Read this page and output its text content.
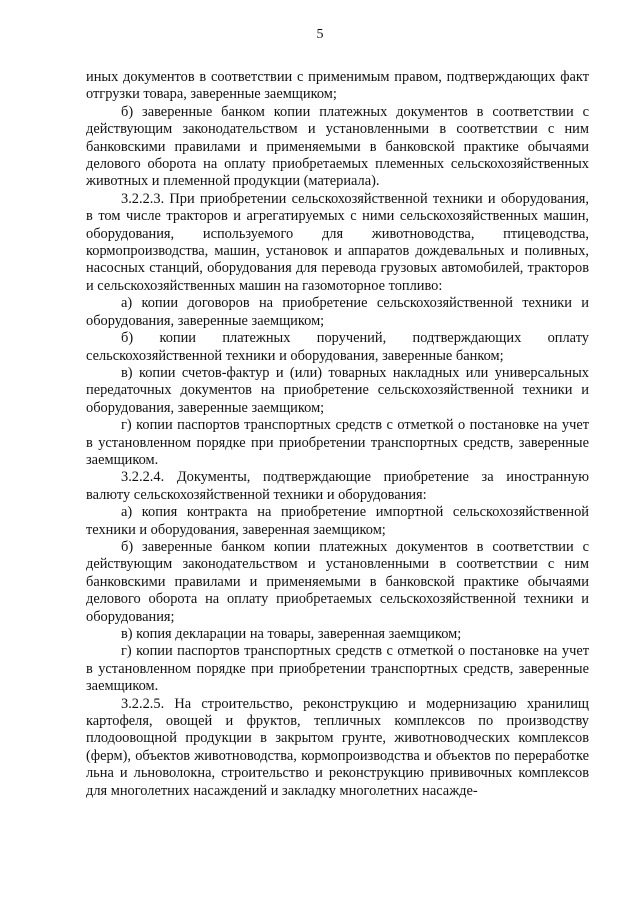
5

иных документов в соответствии с применимым правом, подтверждающих факт отгрузки товара, заверенные заемщиком;

б) заверенные банком копии платежных документов в соответствии с действующим законодательством и установленными в соответствии с ним банковскими правилами и применяемыми в банковской практике обычаями делового оборота на оплату приобретаемых племенных сельскохозяйственных животных и племенной продукции (материала).

3.2.2.3. При приобретении сельскохозяйственной техники и оборудования, в том числе тракторов и агрегатируемых с ними сельскохозяйственных машин, оборудования, используемого для животноводства, птицеводства, кормопроизводства, машин, установок и аппаратов дождевальных и поливных, насосных станций, оборудования для перевода грузовых автомобилей, тракторов и сельскохозяйственных машин на газомоторное топливо:

а) копии договоров на приобретение сельскохозяйственной техники и оборудования, заверенные заемщиком;

б) копии платежных поручений, подтверждающих оплату сельскохозяйственной техники и оборудования, заверенные банком;

в) копии счетов-фактур и (или) товарных накладных или универсальных передаточных документов на приобретение сельскохозяйственной техники и оборудования, заверенные заемщиком;

г) копии паспортов транспортных средств с отметкой о постановке на учет в установленном порядке при приобретении транспортных средств, заверенные заемщиком.

3.2.2.4. Документы, подтверждающие приобретение за иностранную валюту сельскохозяйственной техники и оборудования:

а) копия контракта на приобретение импортной сельскохозяйственной техники и оборудования, заверенная заемщиком;

б) заверенные банком копии платежных документов в соответствии с действующим законодательством и установленными в соответствии с ним банковскими правилами и применяемыми в банковской практике обычаями делового оборота на оплату приобретаемых сельскохозяйственной техники и оборудования;

в) копия декларации на товары, заверенная заемщиком;

г) копии паспортов транспортных средств с отметкой о постановке на учет в установленном порядке при приобретении транспортных средств, заверенные заемщиком.

3.2.2.5. На строительство, реконструкцию и модернизацию хранилищ картофеля, овощей и фруктов, тепличных комплексов по производству плодоовощной продукции в закрытом грунте, животноводческих комплексов (ферм), объектов животноводства, кормопроизводства и объектов по переработке льна и льноволокна, строительство и реконструкцию прививочных комплексов для многолетних насаждений и закладку многолетних насажде-
